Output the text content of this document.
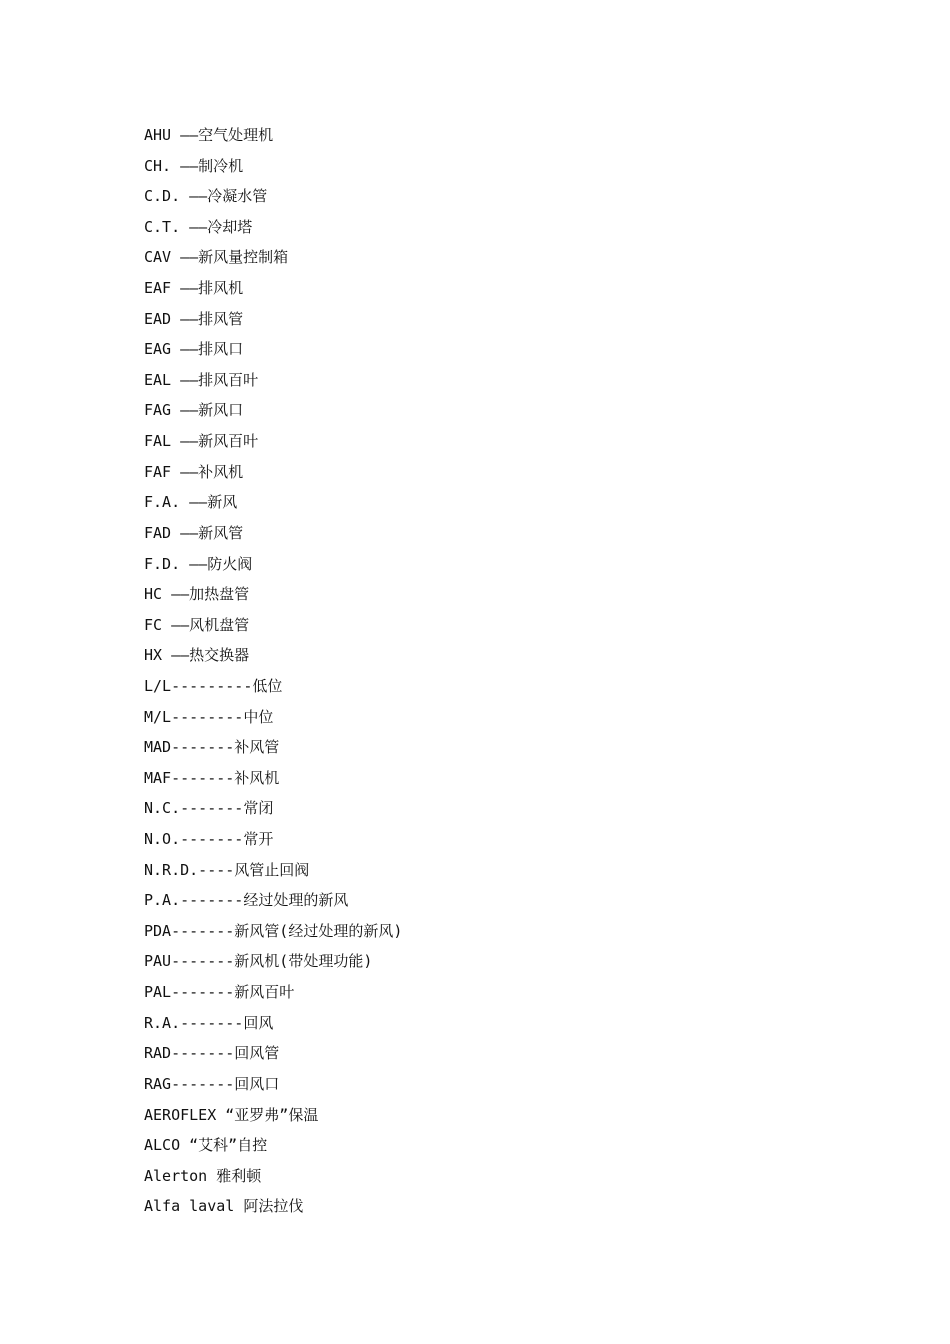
AHU ——空气处理机
CH. ——制冷机
C.D. ——冷凝水管
C.T. ——冷却塔
CAV ——新风量控制箱
EAF ——排风机
EAD ——排风管
EAG ——排风口
EAL ——排风百叶
FAG ——新风口
FAL ——新风百叶
FAF ——补风机
F.A. ——新风
FAD ——新风管
F.D. ——防火阀
HC ——加热盘管
FC ——风机盘管
HX ——热交换器
L/L---------低位
M/L--------中位
MAD-------补风管
MAF-------补风机
N.C.-------常闭
N.O.-------常开
N.R.D.----风管止回阀
P.A.-------经过处理的新风
PDA-------新风管(经过处理的新风)
PAU-------新风机(带处理功能)
PAL-------新风百叶
R.A.-------回风
RAD-------回风管
RAG-------回风口
AEROFLEX “亚罗弗”保温
ALCO “艾科”自控
Alerton 雅利顿
Alfa laval 阿法拉伐
